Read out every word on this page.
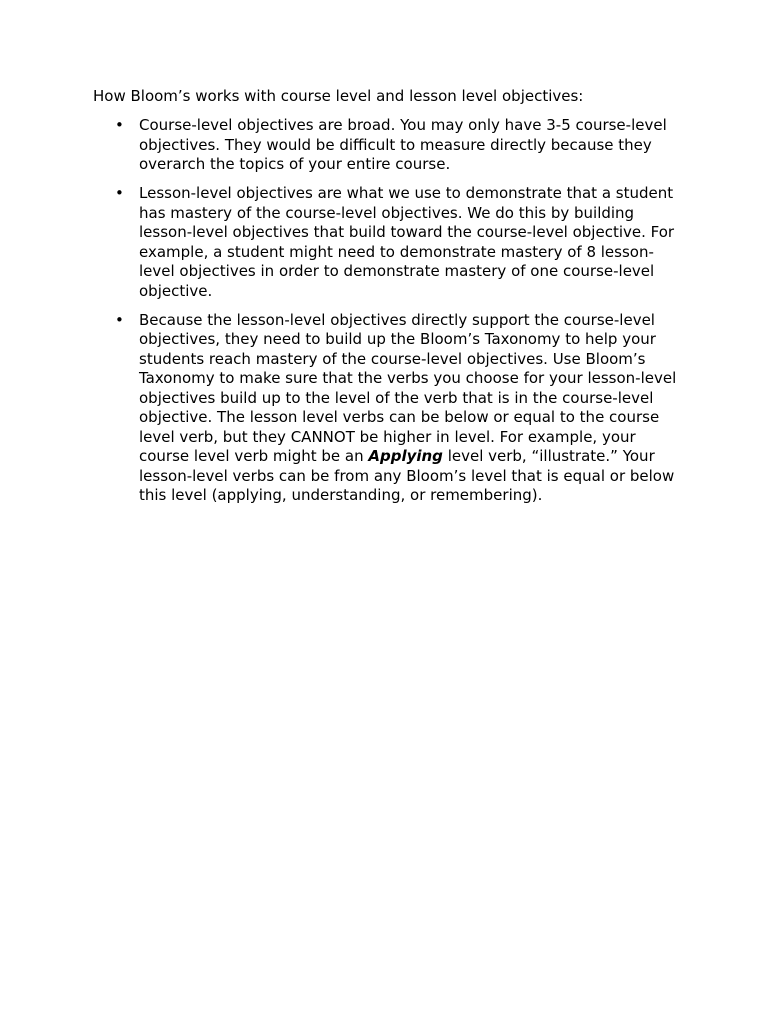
How Bloom’s works with course level and lesson level objectives:

• Course-level objectives are broad. You may only have 3-5 course-level objectives. They would be difficult to measure directly because they overarch the topics of your entire course.
• Lesson-level objectives are what we use to demonstrate that a student has mastery of the course-level objectives. We do this by building lesson-level objectives that build toward the course-level objective. For example, a student might need to demonstrate mastery of 8 lesson-level objectives in order to demonstrate mastery of one course-level objective.
• Because the lesson-level objectives directly support the course-level objectives, they need to build up the Bloom’s Taxonomy to help your students reach mastery of the course-level objectives. Use Bloom’s Taxonomy to make sure that the verbs you choose for your lesson-level objectives build up to the level of the verb that is in the course-level objective. The lesson level verbs can be below or equal to the course level verb, but they CANNOT be higher in level. For example, your course level verb might be an Applying level verb, “illustrate.” Your lesson-level verbs can be from any Bloom’s level that is equal or below this level (applying, understanding, or remembering).
